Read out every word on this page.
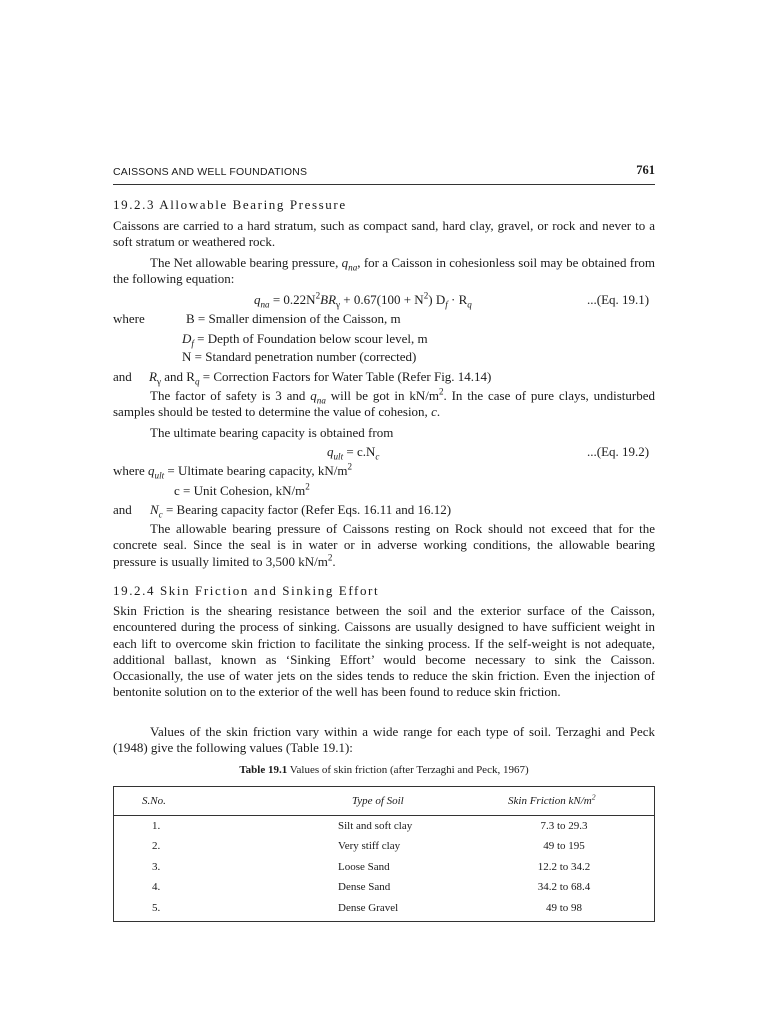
CAISSONS AND WELL FOUNDATIONS	761
19.2.3 Allowable Bearing Pressure
Caissons are carried to a hard stratum, such as compact sand, hard clay, gravel, or rock and never to a soft stratum or weathered rock.
The Net allowable bearing pressure, $q_{na}$, for a Caisson in cohesionless soil may be obtained from the following equation:
$q_{na} = 0.22N^2BR_\gamma + 0.67(100 + N^2) D_f \cdot R_q$	...(Eq. 19.1)
where	B = Smaller dimension of the Caisson, m
$D_f$ = Depth of Foundation below scour level, m
N = Standard penetration number (corrected)
and $R_\gamma$ and $R_q$ = Correction Factors for Water Table (Refer Fig. 14.14)
The factor of safety is 3 and $q_{na}$ will be got in $kN/m^2$. In the case of pure clays, undisturbed samples should be tested to determine the value of cohesion, c.
The ultimate bearing capacity is obtained from
$q_{ult} = c.N_c$	...(Eq. 19.2)
where $q_{ult}$ = Ultimate bearing capacity, $kN/m^2$
c = Unit Cohesion, $kN/m^2$
and $N_c$ = Bearing capacity factor (Refer Eqs. 16.11 and 16.12)
The allowable bearing pressure of Caissons resting on Rock should not exceed that for the concrete seal. Since the seal is in water or in adverse working conditions, the allowable bearing pressure is usually limited to 3,500 $kN/m^2$.
19.2.4 Skin Friction and Sinking Effort
Skin Friction is the shearing resistance between the soil and the exterior surface of the Caisson, encountered during the process of sinking. Caissons are usually designed to have sufficient weight in each lift to overcome skin friction to facilitate the sinking process. If the self-weight is not adequate, additional ballast, known as ‘Sinking Effort’ would become necessary to sink the Caisson. Occasionally, the use of water jets on the sides tends to reduce the skin friction. Even the injection of bentonite solution on to the exterior of the well has been found to reduce skin friction.
Values of the skin friction vary within a wide range for each type of soil. Terzaghi and Peck (1948) give the following values (Table 19.1):
Table 19.1 Values of skin friction (after Terzaghi and Peck, 1967)
S.No.	Type of Soil	Skin Friction $kN/m^2$
1.	Silt and soft clay	7.3 to 29.3
2.	Very stiff clay	49 to 195
3.	Loose Sand	12.2 to 34.2
4.	Dense Sand	34.2 to 68.4
5.	Dense Gravel	49 to 98
